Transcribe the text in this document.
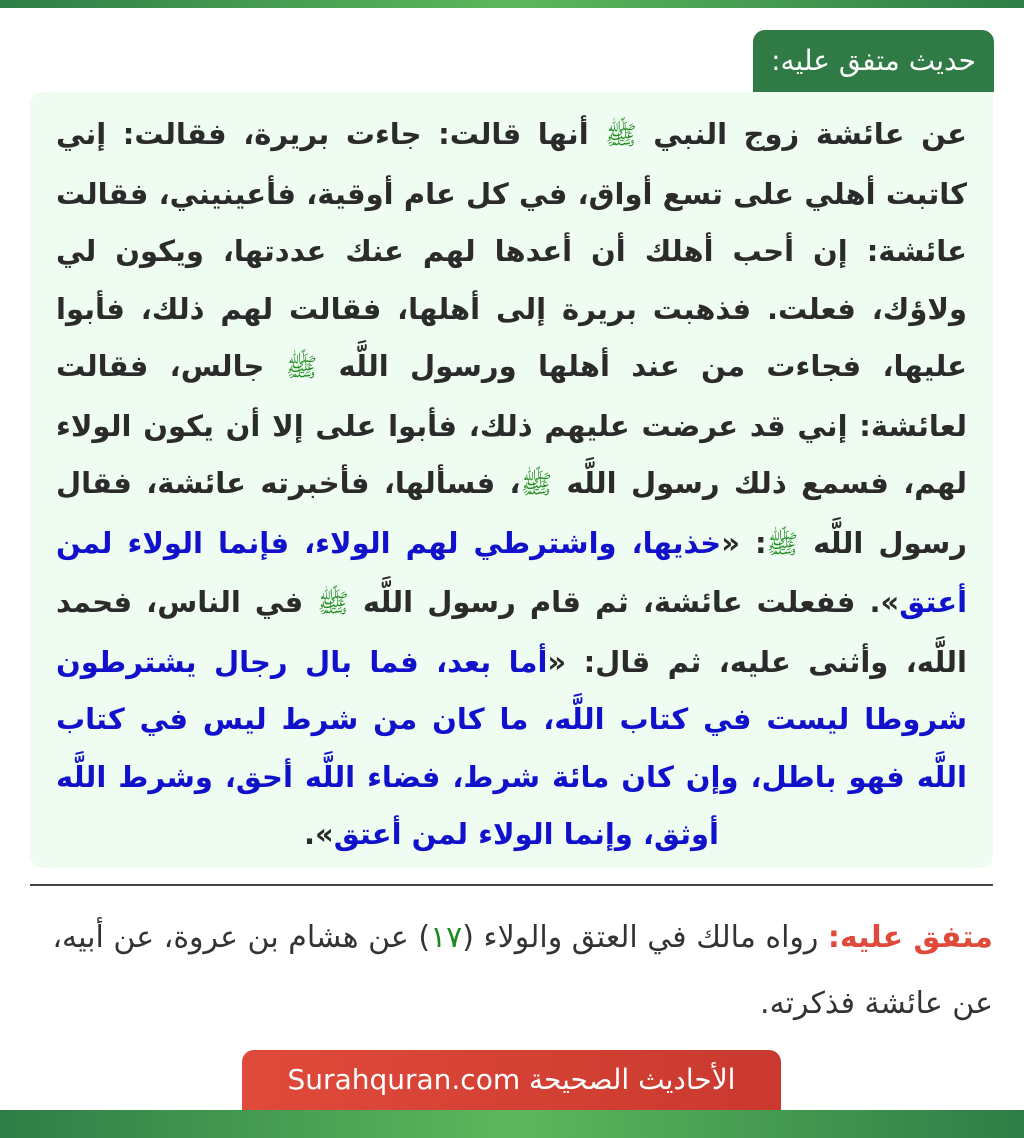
حديث متفق عليه:

عن عائشة زوج النبي ﷺ أنها قالت: جاءت بريرة، فقالت: إني كاتبت أهلي على تسع أواق، في كل عام أوقية، فأعينيني، فقالت عائشة: إن أحب أهلك أن أعدها لهم عنك عددتها، ويكون لي ولاؤك، فعلت. فذهبت بريرة إلى أهلها، فقالت لهم ذلك، فأبوا عليها، فجاءت من عند أهلها ورسول اللَّه ﷺ جالس، فقالت لعائشة: إني قد عرضت عليهم ذلك، فأبوا على إلا أن يكون الولاء لهم، فسمع ذلك رسول اللَّه ﷺ، فسألها، فأخبرته عائشة، فقال رسول اللَّه ﷺ: «خذيها، واشترطي لهم الولاء، فإنما الولاء لمن أعتق». ففعلت عائشة، ثم قام رسول اللَّه ﷺ في الناس، فحمد اللَّه، وأثنى عليه، ثم قال: «أما بعد، فما بال رجال يشترطون شروطا ليست في كتاب اللَّه، ما كان من شرط ليس في كتاب اللَّه فهو باطل، وإن كان مائة شرط، فضاء اللَّه أحق، وشرط اللَّه أوثق، وإنما الولاء لمن أعتق».

متفق عليه: رواه مالك في العتق والولاء (١٧) عن هشام بن عروة، عن أبيه، عن عائشة فذكرته.
الأحاديث الصحيحة Surahquran.com
